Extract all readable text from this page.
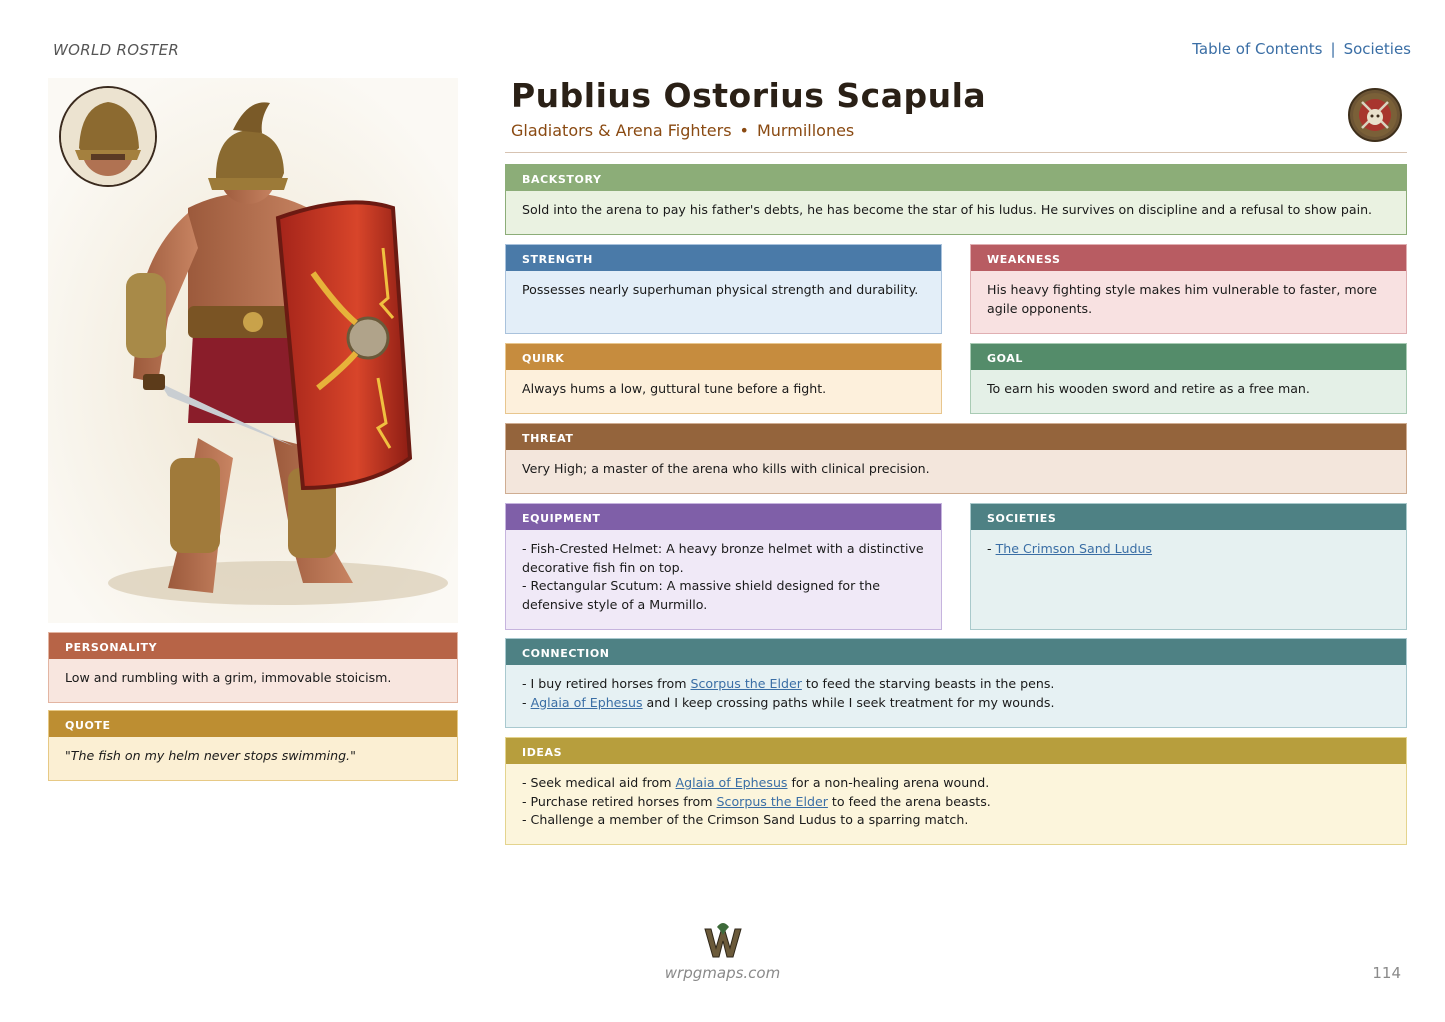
WORLD ROSTER	Table of Contents | Societies
Publius Ostorius Scapula
Gladiators & Arena Fighters • Murmillones
BACKSTORY
Sold into the arena to pay his father's debts, he has become the star of his ludus. He survives on discipline and a refusal to show pain.
STRENGTH
Possesses nearly superhuman physical strength and durability.
WEAKNESS
His heavy fighting style makes him vulnerable to faster, more agile opponents.
QUIRK
Always hums a low, guttural tune before a fight.
GOAL
To earn his wooden sword and retire as a free man.
THREAT
Very High; a master of the arena who kills with clinical precision.
EQUIPMENT
- Fish-Crested Helmet: A heavy bronze helmet with a distinctive decorative fish fin on top.
- Rectangular Scutum: A massive shield designed for the defensive style of a Murmillo.
SOCIETIES
- The Crimson Sand Ludus
CONNECTION
- I buy retired horses from Scorpus the Elder to feed the starving beasts in the pens.
- Aglaia of Ephesus and I keep crossing paths while I seek treatment for my wounds.
IDEAS
- Seek medical aid from Aglaia of Ephesus for a non-healing arena wound.
- Purchase retired horses from Scorpus the Elder to feed the arena beasts.
- Challenge a member of the Crimson Sand Ludus to a sparring match.
PERSONALITY
Low and rumbling with a grim, immovable stoicism.
QUOTE
"The fish on my helm never stops swimming."
wrpgmaps.com	114
